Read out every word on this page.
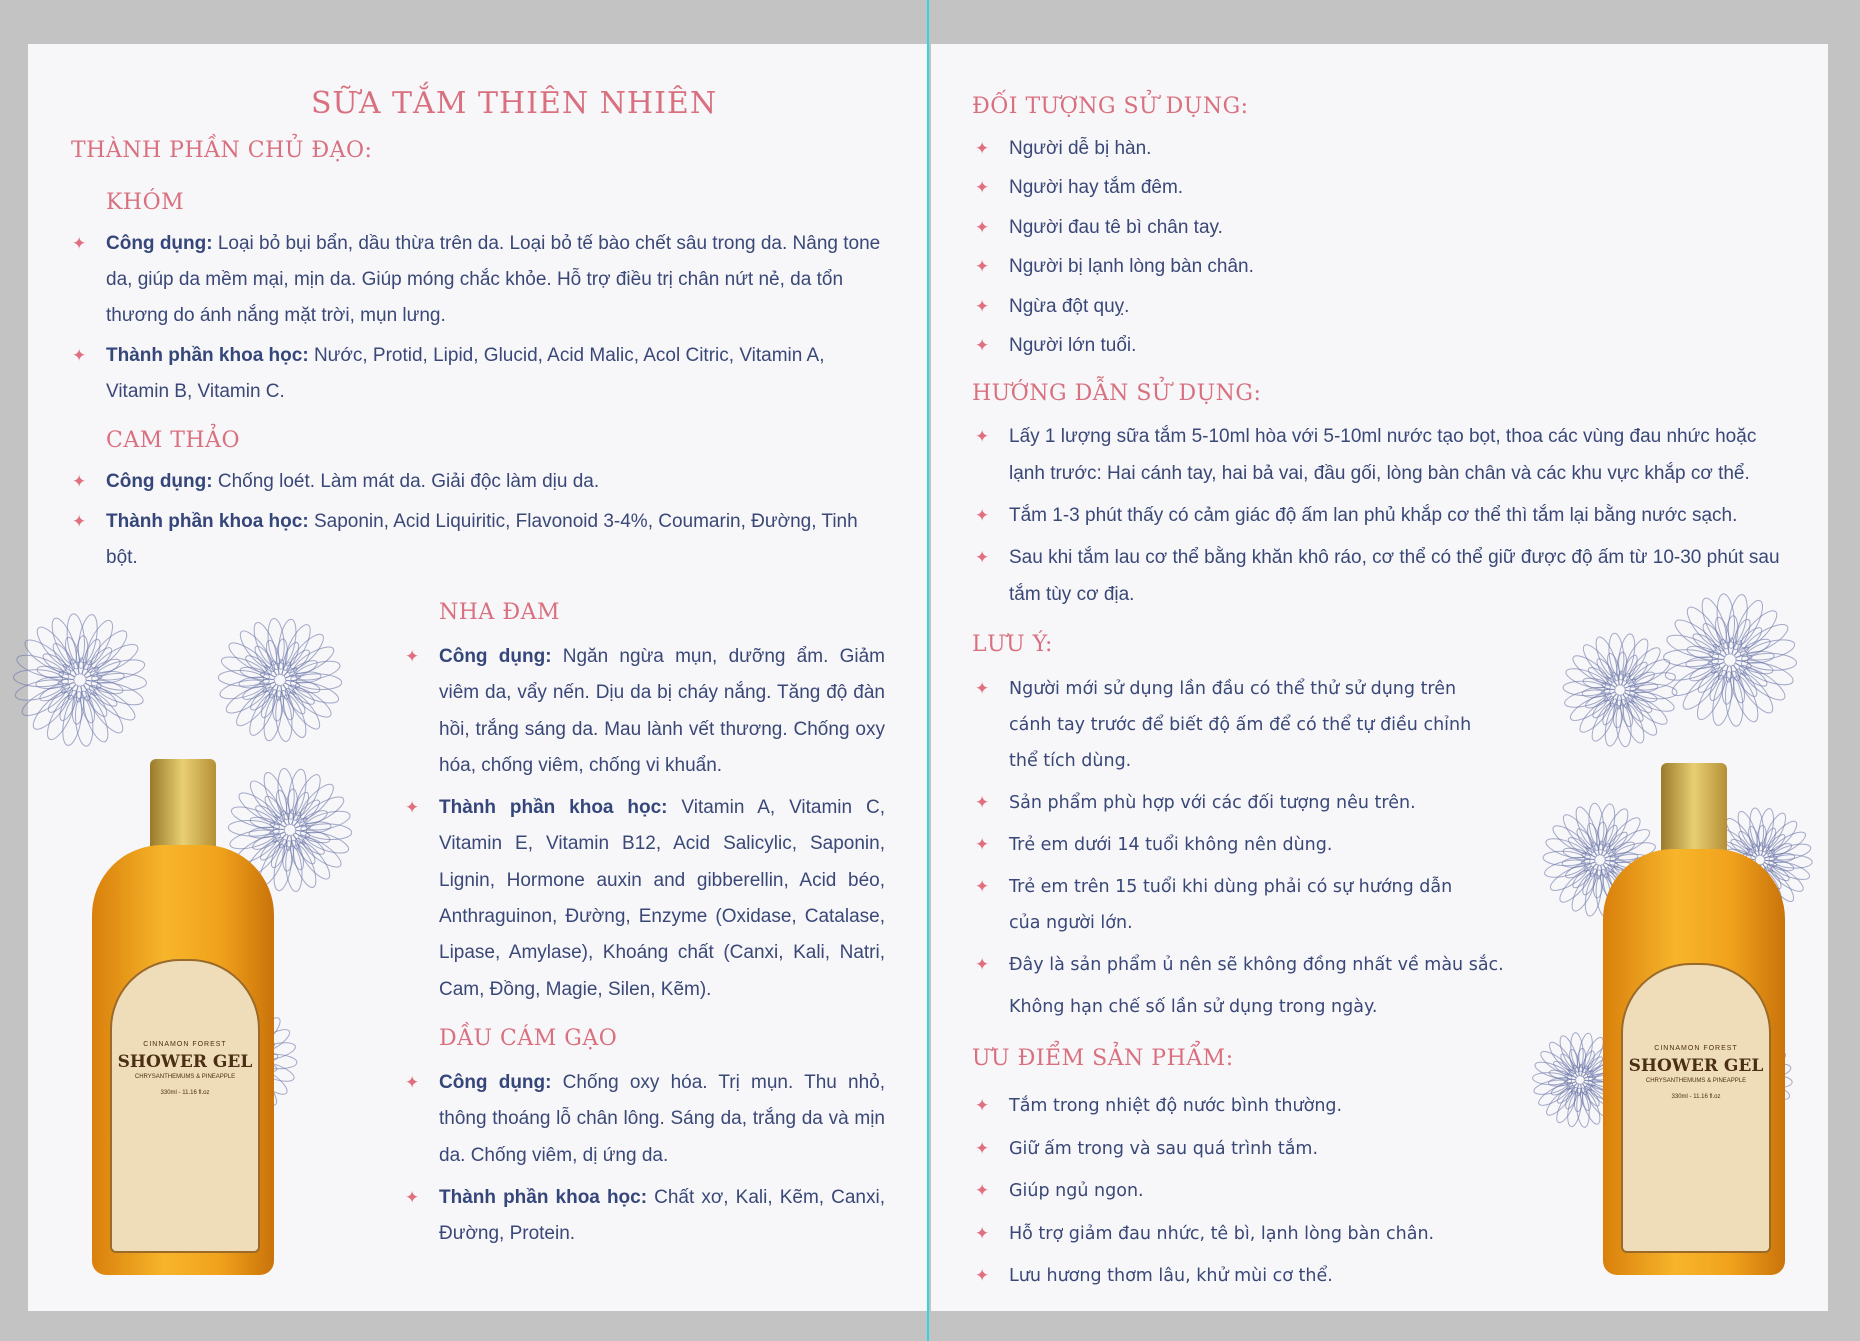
SỮA TẮM THIÊN NHIÊN
THÀNH PHẦN CHỦ ĐẠO:
KHÓM
✦ Công dụng: Loại bỏ bụi bẩn, dầu thừa trên da. Loại bỏ tế bào chết sâu trong da. Nâng tone da, giúp da mềm mại, mịn da. Giúp móng chắc khỏe. Hỗ trợ điều trị chân nứt nẻ, da tổn thương do ánh nắng mặt trời, mụn lưng.
✦ Thành phần khoa học: Nước, Protid, Lipid, Glucid, Acid Malic, Acol Citric, Vitamin A, Vitamin B, Vitamin C.
CAM THẢO
✦ Công dụng: Chống loét. Làm mát da. Giải độc làm dịu da.
✦ Thành phần khoa học: Saponin, Acid Liquiritic, Flavonoid 3-4%, Coumarin, Đường, Tinh bột.
NHA ĐAM
✦ Công dụng: Ngăn ngừa mụn, dưỡng ẩm. Giảm viêm da, vẩy nến. Dịu da bị cháy nắng. Tăng độ đàn hồi, trắng sáng da. Mau lành vết thương. Chống oxy hóa, chống viêm, chống vi khuẩn.
✦ Thành phần khoa học: Vitamin A, Vitamin C, Vitamin E, Vitamin B12, Acid Salicylic, Saponin, Lignin, Hormone auxin and gibberellin, Acid béo, Anthraguinon, Đường, Enzyme (Oxidase, Catalase, Lipase, Amylase), Khoáng chất (Canxi, Kali, Natri, Cam, Đồng, Magie, Silen, Kẽm).
DẦU CÁM GẠO
✦ Công dụng: Chống oxy hóa. Trị mụn. Thu nhỏ, thông thoáng lỗ chân lông. Sáng da, trắng da và mịn da. Chống viêm, dị ứng da.
✦ Thành phần khoa học: Chất xơ, Kali, Kẽm, Canxi, Đường, Protein.
ĐỐI TƯỢNG SỬ DỤNG:
✦ Người dễ bị hàn.
✦ Người hay tắm đêm.
✦ Người đau tê bì chân tay.
✦ Người bị lạnh lòng bàn chân.
✦ Ngừa đột quỵ.
✦ Người lớn tuổi.
HƯỚNG DẪN SỬ DỤNG:
✦ Lấy 1 lượng sữa tắm 5-10ml hòa với 5-10ml nước tạo bọt, thoa các vùng đau nhức hoặc lạnh trước: Hai cánh tay, hai bả vai, đầu gối, lòng bàn chân và các khu vực khắp cơ thể.
✦ Tắm 1-3 phút thấy có cảm giác độ ấm lan phủ khắp cơ thể thì tắm lại bằng nước sạch.
✦ Sau khi tắm lau cơ thể bằng khăn khô ráo, cơ thể có thể giữ được độ ấm từ 10-30 phút sau tắm tùy cơ địa.
LƯU Ý:
✦ Người mới sử dụng lần đầu có thể thử sử dụng trên cánh tay trước để biết độ ấm để có thể tự điều chỉnh thể tích dùng.
✦ Sản phẩm phù hợp với các đối tượng nêu trên.
✦ Trẻ em dưới 14 tuổi không nên dùng.
✦ Trẻ em trên 15 tuổi khi dùng phải có sự hướng dẫn của người lớn.
✦ Đây là sản phẩm ủ nên sẽ không đồng nhất về màu sắc.
Không hạn chế số lần sử dụng trong ngày.
ƯU ĐIỂM SẢN PHẨM:
✦ Tắm trong nhiệt độ nước bình thường.
✦ Giữ ấm trong và sau quá trình tắm.
✦ Giúp ngủ ngon.
✦ Hỗ trợ giảm đau nhức, tê bì, lạnh lòng bàn chân.
✦ Lưu hương thơm lâu, khử mùi cơ thể.
CINNAMON FOREST
SHOWER GEL
CHRYSANTHEMUMS & PINEAPPLE
330ml - 11.16 fl.oz
CINNAMON FOREST
SHOWER GEL
CHRYSANTHEMUMS & PINEAPPLE
330ml - 11.16 fl.oz
